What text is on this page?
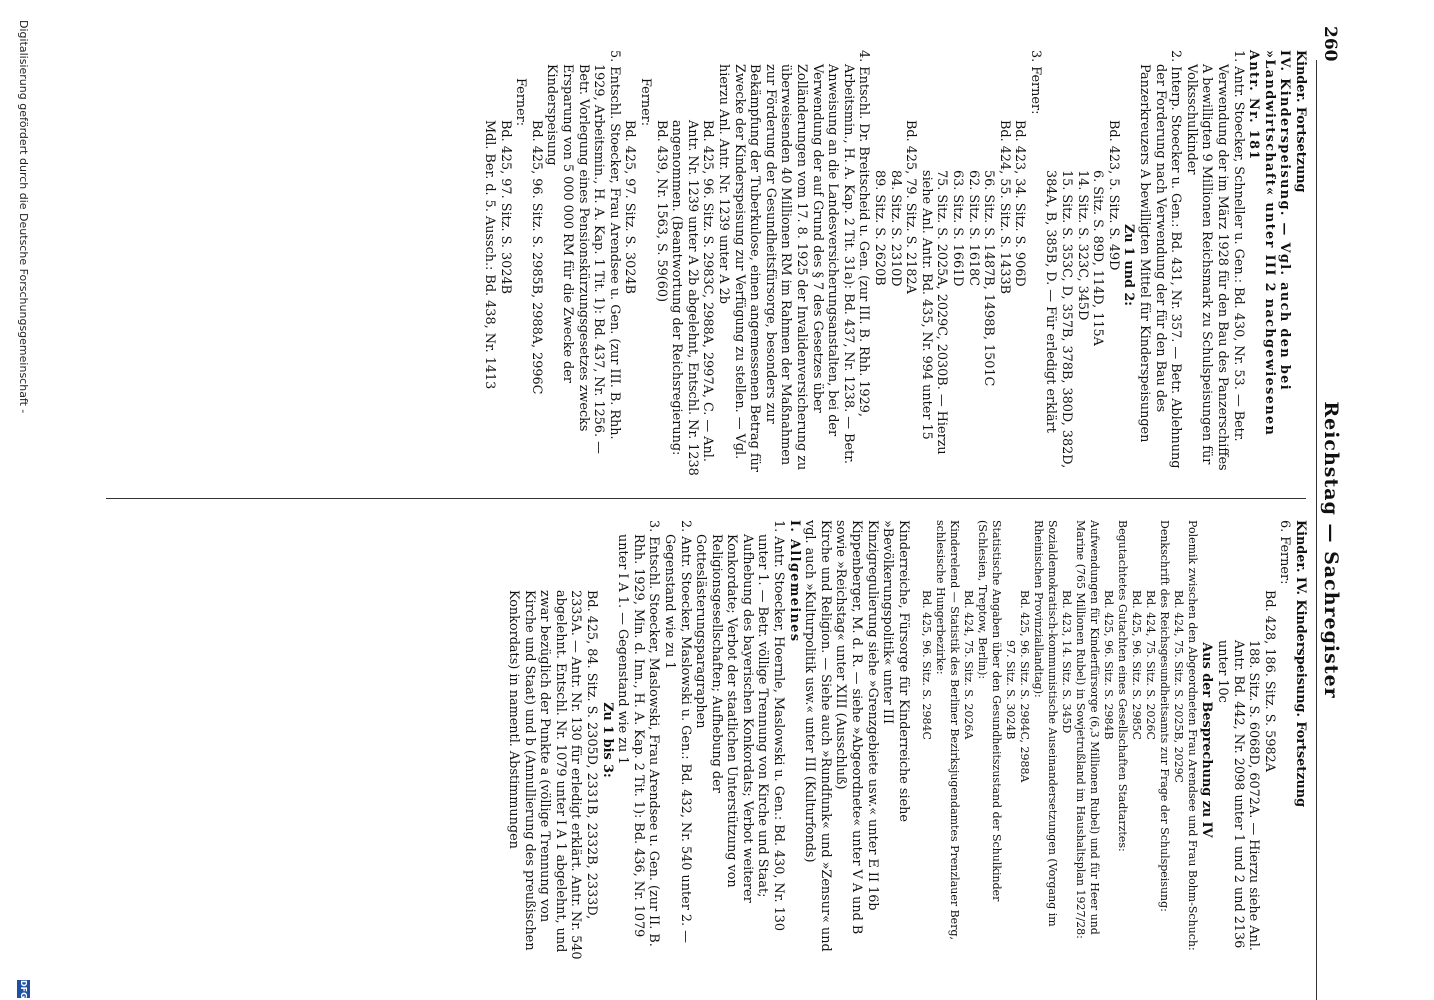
260
Reichstag — Sachregister

Kinder. Fortsetzung

IV. Kinderspeisung. — Vgl. auch den bei »Landwirtschaft« unter III 2 nachgewiesenen Antr. Nr. 181

1. Antr. Stoecker, Schneller u. Gen.: Bd. 430, Nr. 53. — Betr. Verwendung der im März 1928 für den Bau des Panzerschiffes A bewilligten 9 Millionen Reichsmark zu Schulspeisungen für Volksschulkinder

2. Interp. Stoecker u. Gen.: Bd. 431, Nr. 357. — Betr. Ablehnung der Forderung nach Verwendung der für den Bau des Panzerkreuzers A bewilligten Mittel für Kinderspeisungen

Zu 1 und 2:

Bd. 423, 5. Sitz. S. 49D

6. Sitz. S. 89D, 114D, 115A

14. Sitz. S. 323C, 345D

15. Sitz. S. 353C, D, 357B, 378B, 380D, 382D, 384A, B, 385B, D. — Für erledigt erklärt

3. Ferner:

Bd. 423, 34. Sitz. S. 906D

Bd. 424, 55. Sitz. S. 1433B

56. Sitz. S. 1487B, 1498B, 1501C

62. Sitz. S. 1618C

63. Sitz. S. 1661D

75. Sitz. S. 2025A, 2029C, 2030B. — Hierzu siehe Anl. Antr. Bd. 435, Nr. 994 unter 15

Bd. 425, 79. Sitz. S. 2182A

84. Sitz. S. 2310D

89. Sitz. S. 2620B

4. Entschl. Dr. Breitscheid u. Gen. (zur III. B. Rhh. 1929, Arbeitsmin., H. A. Kap. 2 Tit. 31a): Bd. 437, Nr. 1238. — Betr. Anweisung an die Landesversicherungsanstalten, bei der Verwendung der auf Grund des § 7 des Gesetzes über Zolländerungen vom 17. 8. 1925 der Invalidenversicherung zu überweisenden 40 Millionen RM im Rahmen der Maßnahmen zur Förderung der Gesundheitsfürsorge, besonders zur Bekämpfung der Tuberkulose, einen angemessenen Betrag für Zwecke der Kinderspeisung zur Verfügung zu stellen. — Vgl. hierzu Anl. Antr. Nr. 1239 unter A 2b

Bd. 425, 96. Sitz. S. 2983C, 2988A, 2997A, C. — Anl. Antr. Nr. 1239 unter A 2b abgelehnt, Entschl. Nr. 1238 angenommen. (Beantwortung der Reichsregierung: Bd. 439, Nr. 1563, S. 59(60)

Ferner:

Bd. 425, 97. Sitz. S. 3024B

5. Entschl. Stoecker, Frau Arendsee u. Gen. (zur III. B. Rhh. 1929, Arbeitsmin., H. A. Kap. 1 Tit. 1): Bd. 437, Nr. 1256. — Betr. Vorlegung eines Pensionskürzungsgesetzes zwecks Ersparung von 5 000 000 RM für die Zwecke der Kinderspeisung

Bd. 425, 96. Sitz. S. 2985B, 2988A, 2996C

Ferner:

Bd. 425, 97. Sitz. S. 3024B

Mdl. Ber. d. 5. Aussch.: Bd. 438, Nr. 1413

Kinder. IV. Kinderspeisung. Fortsetzung

6. Ferner:

Bd. 428, 186. Sitz. S. 5982A

188. Sitz. S. 6068D, 6072A. — Hierzu siehe Anl. Antr. Bd. 442, Nr. 2098 unter 1 und 2 und 2136 unter 10c

Aus der Besprechung zu IV

Polemik zwischen den Abgeordneten Frau Arendsee und Frau Bohm-Schuch:

Bd. 424, 75. Sitz. S. 2025B, 2029C

Denkschrift des Reichsgesundheitsamts zur Frage der Schulspeisung:

Bd. 424, 75. Sitz. S. 2026C

Bd. 425, 96. Sitz. S. 2985C

Begutachtetes Gutachten eines Gesellschaften Stadtarztes:

Bd. 425, 96. Sitz. S. 2984B

Aufwendungen für Kinderfürsorge (6,3 Millionen Rubel) und für Heer und Marine (765 Millionen Rubel) in Sowjetrußland im Haushaltsplan 1927/28:

Bd. 423, 14. Sitz. S. 345D

Sozialdemokratisch-kommunistische Auseinandersetzungen (Vorgang im Rheinischen Provinziallandtag):

Bd. 425, 96. Sitz. S. 2984C, 2988A

97. Sitz. S. 3024B

Statistische Angaben über den Gesundheitszustand der Schulkinder (Schlesien, Treptow, Berlin):

Bd. 424, 75. Sitz. S. 2026A

Kinderelend — Statistik des Berliner Bezirksjugendamtes Prenzlauer Berg, schlesische Hungerbezirke:

Bd. 425, 96. Sitz. S. 2984C

Kinderreiche, Fürsorge für Kinderreiche siehe »Bevölkerungspolitik« unter III

Kinzigregulierung siehe »Grenzgebiete usw.« unter E II 16b

Kippenberger, M. d. R. — siehe »Abgeordnete« unter V A und B sowie »Reichstag« unter XIII (Ausschluß)

Kirche und Religion. — Siehe auch »Rundfunk« und »Zensur« und vgl. auch »Kulturpolitik usw.« unter III (Kulturfonds)

I. Allgemeines

1. Antr. Stoecker, Hoernle, Maslowski u. Gen.: Bd. 430, Nr. 130 unter 1. — Betr. völlige Trennung von Kirche und Staat; Aufhebung des bayerischen Konkordats; Verbot weiterer Konkordate; Verbot der staatlichen Unterstützung von Religionsgesellschaften; Aufhebung der Gotteslästerungsparagraphen

2. Antr. Stoecker, Maslowski u. Gen.: Bd. 432, Nr. 540 unter 2. — Gegenstand wie zu 1

3. Entschl. Stoecker, Maslowski, Frau Arendsee u. Gen. (zur II. B. Rhh. 1929, Min. d. Inn., H. A. Kap. 2 Tit. 1): Bd. 436, Nr. 1079 unter I A 1. — Gegenstand wie zu 1

Zu 1 bis 3:

Bd. 425, 84. Sitz. S. 2305D, 2331B, 2332B, 2333D, 2335A. — Antr. Nr. 130 für erledigt erklärt. Antr. Nr. 540 abgelehnt. Entschl. Nr. 1079 unter I A 1 abgelehnt, und zwar bezüglich der Punkte a (völlige Trennung von Kirche und Staat) und b (Annullierung des preußischen Konkordats) in namentl. Abstimmungen

Digitalisierung gefördert durch die Deutsche Forschungsgemeinschaft -
DFG
